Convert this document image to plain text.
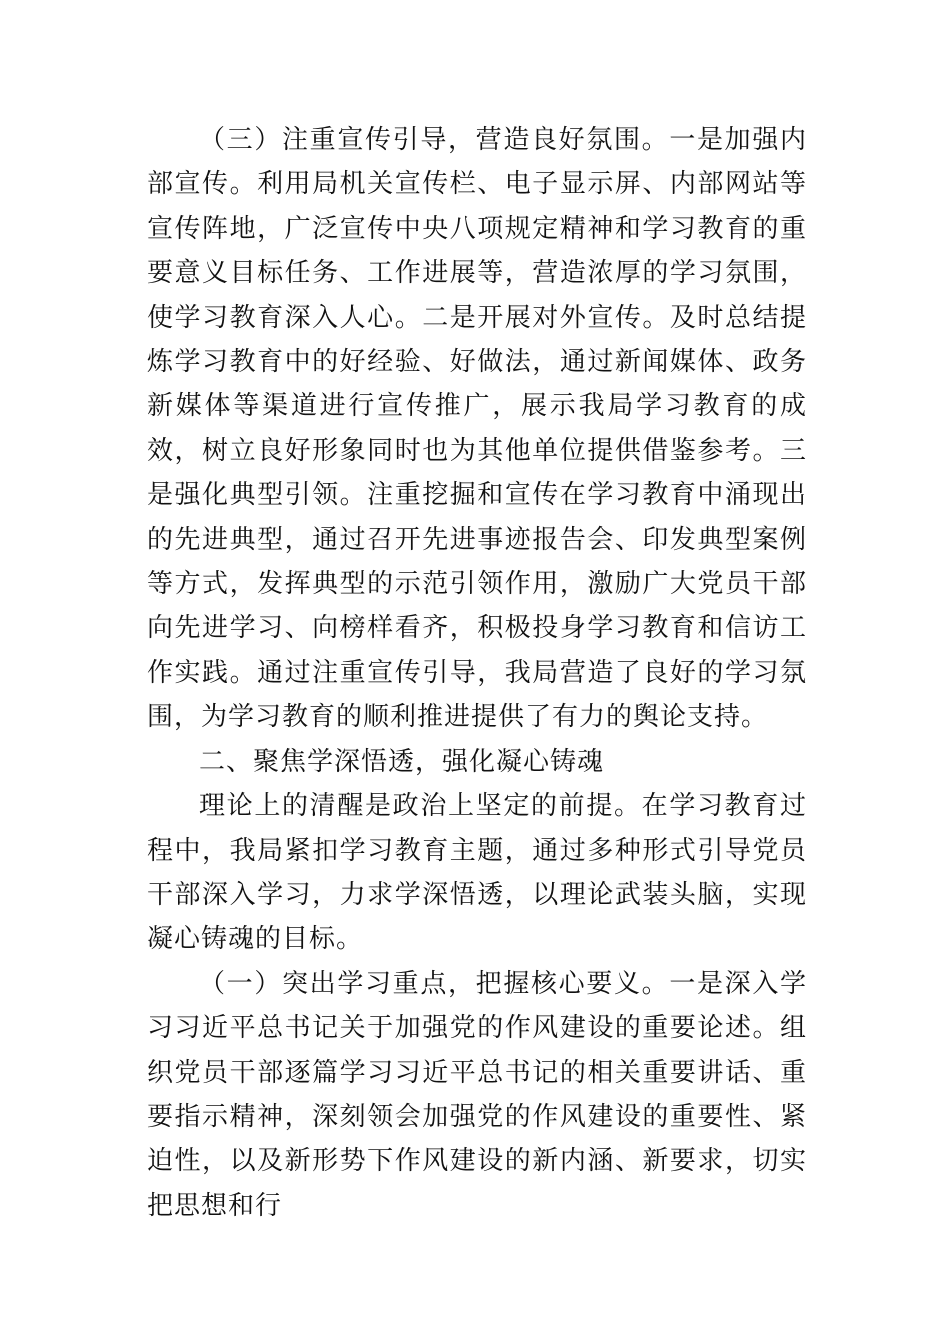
（三）注重宣传引导，营造良好氛围。一是加强内部宣传。利用局机关宣传栏、电子显示屏、内部网站等宣传阵地，广泛宣传中央八项规定精神和学习教育的重要意义目标任务、工作进展等，营造浓厚的学习氛围，使学习教育深入人心。二是开展对外宣传。及时总结提炼学习教育中的好经验、好做法，通过新闻媒体、政务新媒体等渠道进行宣传推广，展示我局学习教育的成效，树立良好形象同时也为其他单位提供借鉴参考。三是强化典型引领。注重挖掘和宣传在学习教育中涌现出的先进典型，通过召开先进事迹报告会、印发典型案例等方式，发挥典型的示范引领作用，激励广大党员干部向先进学习、向榜样看齐，积极投身学习教育和信访工作实践。通过注重宣传引导，我局营造了良好的学习氛围，为学习教育的顺利推进提供了有力的舆论支持。

二、聚焦学深悟透，强化凝心铸魂

理论上的清醒是政治上坚定的前提。在学习教育过程中，我局紧扣学习教育主题，通过多种形式引导党员干部深入学习，力求学深悟透，以理论武装头脑，实现凝心铸魂的目标。

（一）突出学习重点，把握核心要义。一是深入学习习近平总书记关于加强党的作风建设的重要论述。组织党员干部逐篇学习习近平总书记的相关重要讲话、重要指示精神，深刻领会加强党的作风建设的重要性、紧迫性，以及新形势下作风建设的新内涵、新要求，切实把思想和行
